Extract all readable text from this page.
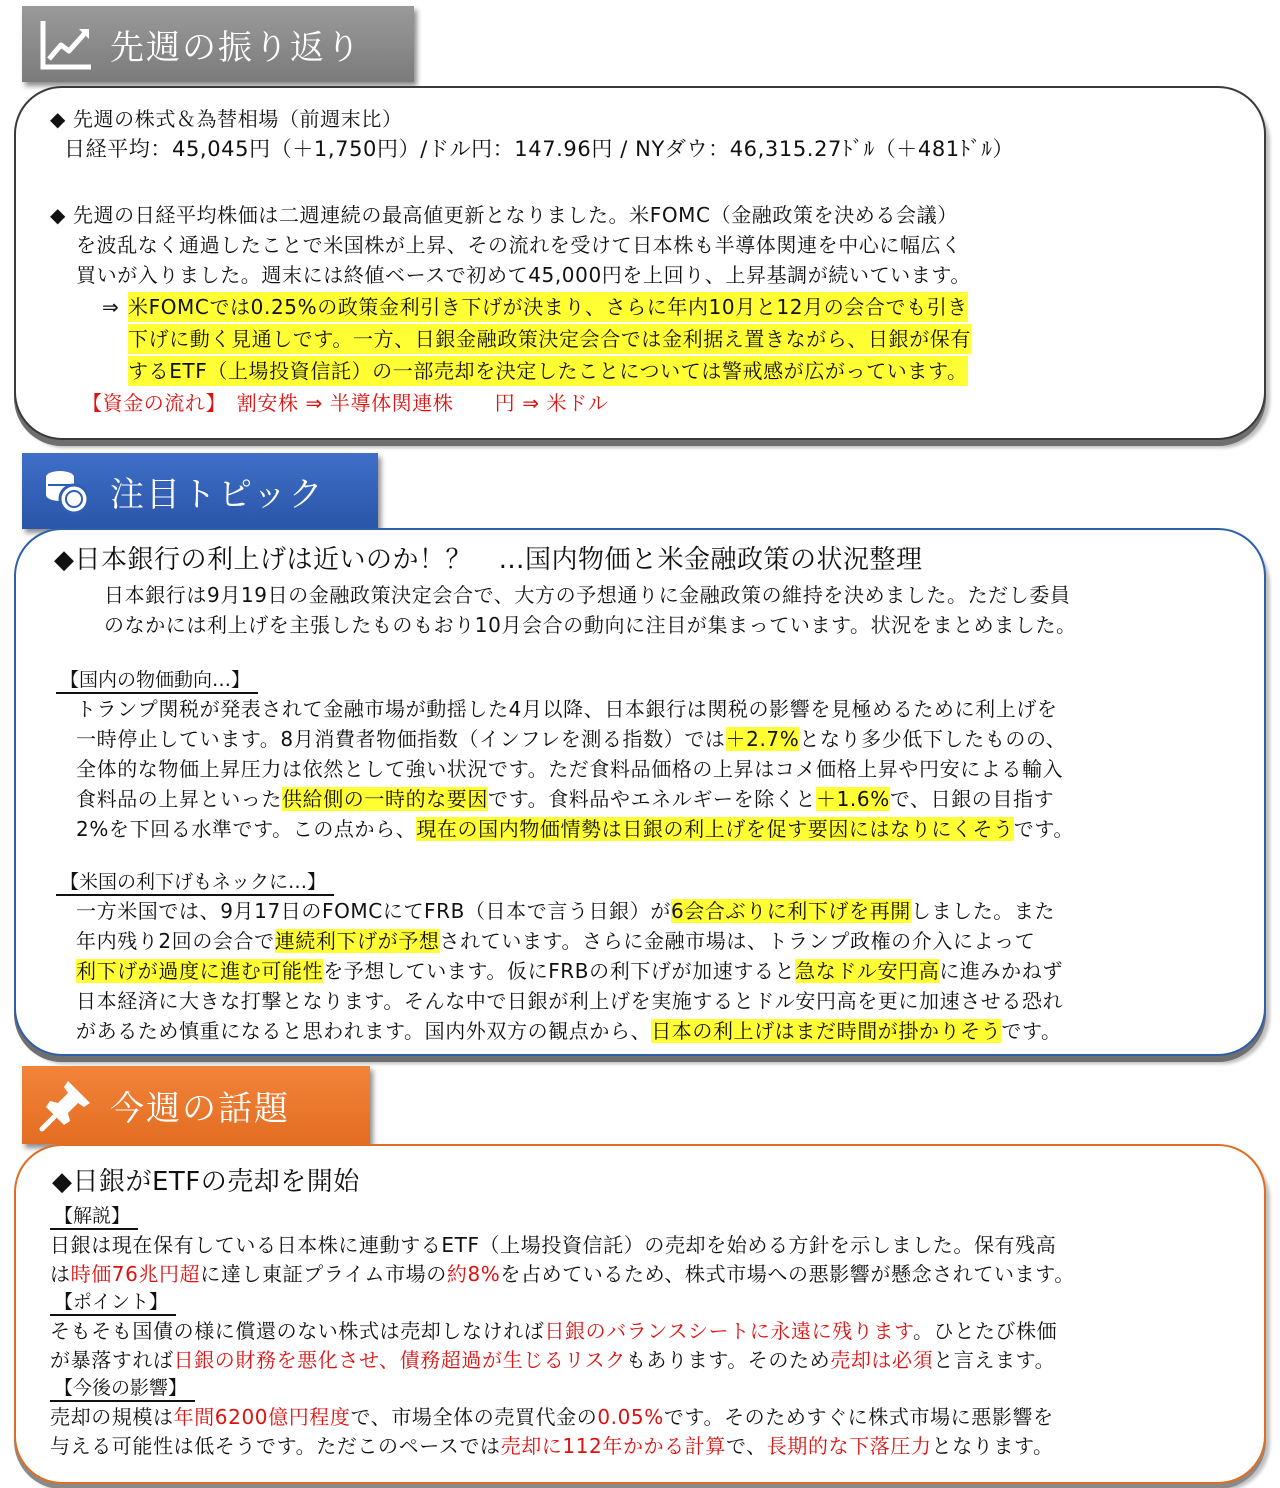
先週の振り返り
◆ 先週の株式＆為替相場（前週末比）
日経平均：45,045円（＋1,750円）/ドル円：147.96円 / NYダウ：46,315.27ﾄﾞﾙ（＋481ﾄﾞﾙ）
◆ 先週の日経平均株価は二週連続の最高値更新となりました。米FOMC（金融政策を決める会議）
を波乱なく通過したことで米国株が上昇、その流れを受けて日本株も半導体関連を中心に幅広く
買いが入りました。週末には終値ベースで初めて45,000円を上回り、上昇基調が続いています。
⇒ 米FOMCでは0.25%の政策金利引き下げが決まり、さらに年内10月と12月の会合でも引き
下げに動く見通しです。一方、日銀金融政策決定会合では金利据え置きながら、日銀が保有
するETF（上場投資信託）の一部売却を決定したことについては警戒感が広がっています。
【資金の流れ】　割安株 ⇒ 半導体関連株　　円 ⇒ 米ドル
注目トピック
◆日本銀行の利上げは近いのか！？　…国内物価と米金融政策の状況整理
日本銀行は9月19日の金融政策決定会合で、大方の予想通りに金融政策の維持を決めました。ただし委員
のなかには利上げを主張したものもおり10月会合の動向に注目が集まっています。状況をまとめました。
【国内の物価動向…】
トランプ関税が発表されて金融市場が動揺した4月以降、日本銀行は関税の影響を見極めるために利上げを
一時停止しています。8月消費者物価指数（インフレを測る指数）では＋2.7%となり多少低下したものの、
全体的な物価上昇圧力は依然として強い状況です。ただ食料品価格の上昇はコメ価格上昇や円安による輸入
食料品の上昇といった供給側の一時的な要因です。食料品やエネルギーを除くと＋1.6%で、日銀の目指す
2%を下回る水準です。この点から、現在の国内物価情勢は日銀の利上げを促す要因にはなりにくそうです。
【米国の利下げもネックに…】
一方米国では、9月17日のFOMCにてFRB（日本で言う日銀）が6会合ぶりに利下げを再開しました。また
年内残り2回の会合で連続利下げが予想されています。さらに金融市場は、トランプ政権の介入によって
利下げが過度に進む可能性を予想しています。仮にFRBの利下げが加速すると急なドル安円高に進みかねず
日本経済に大きな打撃となります。そんな中で日銀が利上げを実施するとドル安円高を更に加速させる恐れ
があるため慎重になると思われます。国内外双方の観点から、日本の利上げはまだ時間が掛かりそうです。
今週の話題
◆日銀がETFの売却を開始
【解説】
日銀は現在保有している日本株に連動するETF（上場投資信託）の売却を始める方針を示しました。保有残高
は時価76兆円超に達し東証プライム市場の約8%を占めているため、株式市場への悪影響が懸念されています。
【ポイント】
そもそも国債の様に償還のない株式は売却しなければ日銀のバランスシートに永遠に残ります。ひとたび株価
が暴落すれば日銀の財務を悪化させ、債務超過が生じるリスクもあります。そのため売却は必須と言えます。
【今後の影響】
売却の規模は年間6200億円程度で、市場全体の売買代金の0.05%です。そのためすぐに株式市場に悪影響を
与える可能性は低そうです。ただこのペースでは売却に112年かかる計算で、長期的な下落圧力となります。
